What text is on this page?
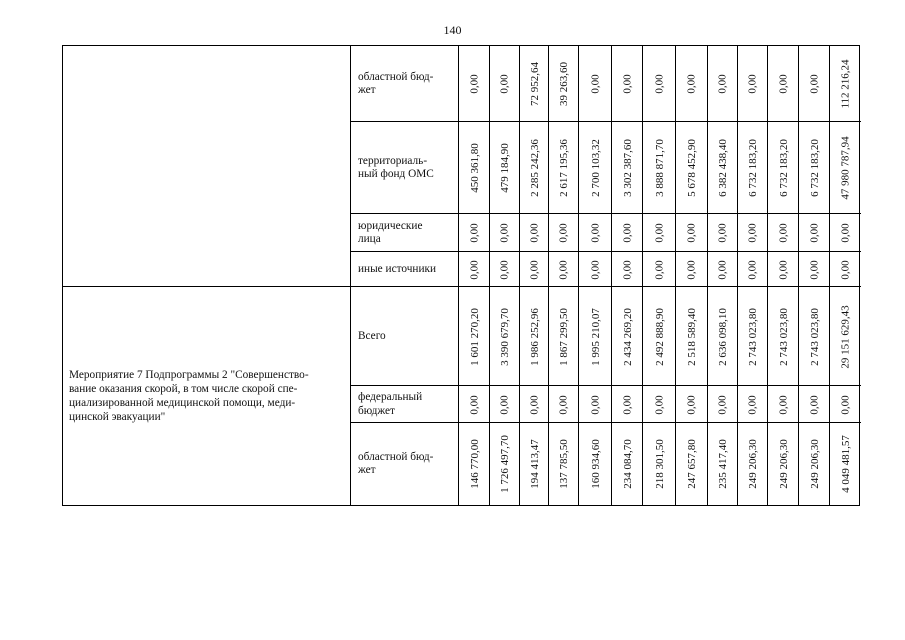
140
областной бюд-
жет	0,00 0,00 72 952,64 39 263,60 0,00 0,00 0,00 0,00 0,00 0,00 0,00 0,00 112 216,24
территориаль-
ный фонд ОМС	450 361,80 479 184,90 2 285 242,36 2 617 195,36 2 700 103,32 3 302 387,60 3 888 871,70 5 678 452,90 6 382 438,40 6 732 183,20 6 732 183,20 6 732 183,20 47 980 787,94
юридические
лица	0,00 0,00 0,00 0,00 0,00 0,00 0,00 0,00 0,00 0,00 0,00 0,00 0,00
иные источники	0,00 0,00 0,00 0,00 0,00 0,00 0,00 0,00 0,00 0,00 0,00 0,00 0,00
Мероприятие 7 Подпрограммы 2 "Совершенство-
вание оказания скорой, в том числе скорой спе-
циализированной медицинской помощи, меди-
цинской эвакуации"
Всего	1 601 270,20 3 390 679,70 1 986 252,96 1 867 299,50 1 995 210,07 2 434 269,20 2 492 888,90 2 518 589,40 2 636 098,10 2 743 023,80 2 743 023,80 2 743 023,80 29 151 629,43
федеральный
бюджет	0,00 0,00 0,00 0,00 0,00 0,00 0,00 0,00 0,00 0,00 0,00 0,00 0,00
областной бюд-
жет	146 770,00 1 726 497,70 194 413,47 137 785,50 160 934,60 234 084,70 218 301,50 247 657,80 235 417,40 249 206,30 249 206,30 249 206,30 4 049 481,57
